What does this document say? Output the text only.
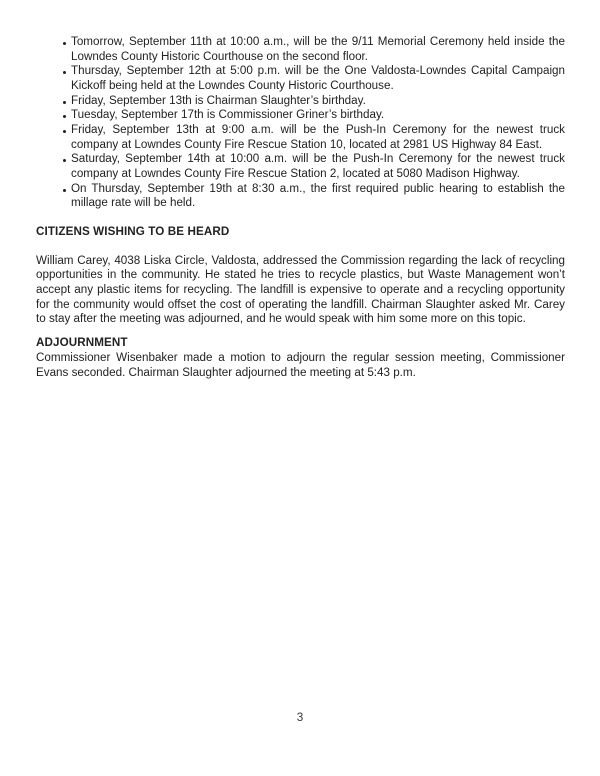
Tomorrow, September 11th at 10:00 a.m., will be the 9/11 Memorial Ceremony held inside the Lowndes County Historic Courthouse on the second floor.
Thursday, September 12th at 5:00 p.m. will be the One Valdosta-Lowndes Capital Campaign Kickoff being held at the Lowndes County Historic Courthouse.
Friday, September 13th is Chairman Slaughter’s birthday.
Tuesday, September 17th is Commissioner Griner’s birthday.
Friday, September 13th at 9:00 a.m. will be the Push-In Ceremony for the newest truck company at Lowndes County Fire Rescue Station 10, located at 2981 US Highway 84 East.
Saturday, September 14th at 10:00 a.m. will be the Push-In Ceremony for the newest truck company at Lowndes County Fire Rescue Station 2, located at 5080 Madison Highway.
On Thursday, September 19th at 8:30 a.m., the first required public hearing to establish the millage rate will be held.
CITIZENS WISHING TO BE HEARD

William Carey, 4038 Liska Circle, Valdosta, addressed the Commission regarding the lack of recycling opportunities in the community. He stated he tries to recycle plastics, but Waste Management won’t accept any plastic items for recycling. The landfill is expensive to operate and a recycling opportunity for the community would offset the cost of operating the landfill. Chairman Slaughter asked Mr. Carey to stay after the meeting was adjourned, and he would speak with him some more on this topic.

ADJOURNMENT

Commissioner Wisenbaker made a motion to adjourn the regular session meeting, Commissioner Evans seconded. Chairman Slaughter adjourned the meeting at 5:43 p.m.

3
